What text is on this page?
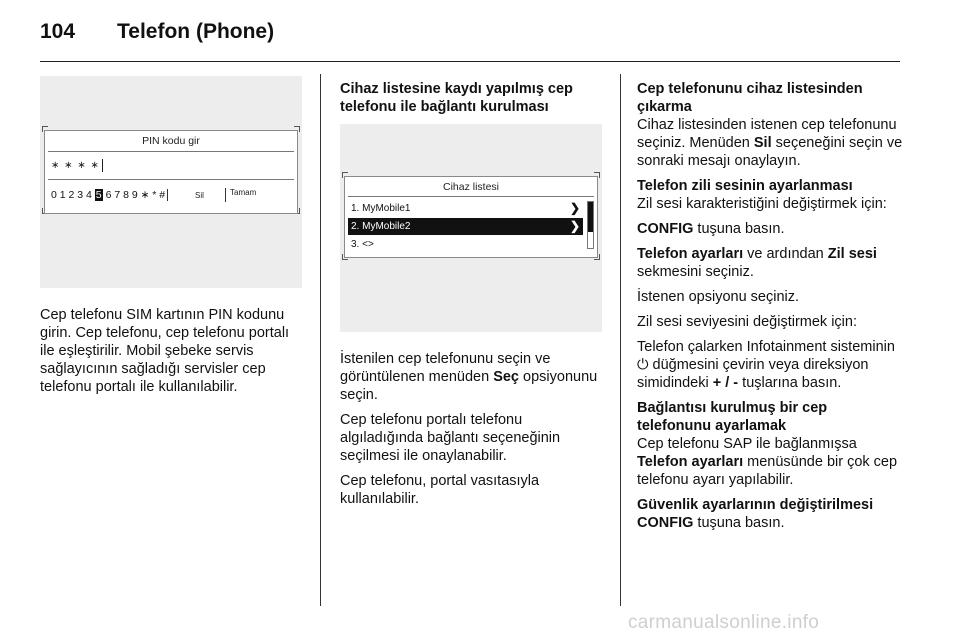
104 Telefon (Phone)
PIN kodu gir
∗ ∗ ∗ ∗
0 1 2 3 4 5 6 7 8 9 ∗ * #	Sil	Tamam

Cep telefonu SIM kartının PIN kodunu girin. Cep telefonu, cep telefonu portalı ile eşleştirilir. Mobil şebeke servis sağlayıcının sağladığı servisler cep telefonu portalı ile kullanılabilir.

Cihaz listesine kaydı yapılmış cep telefonu ile bağlantı kurulması

Cihaz listesi
1. MyMobile1	❯
2. MyMobile2	❯
3. <>

İstenilen cep telefonunu seçin ve görüntülenen menüden Seç opsiyonunu seçin.

Cep telefonu portalı telefonu algıladığında bağlantı seçeneğinin seçilmesi ile onaylanabilir.

Cep telefonu, portal vasıtasıyla kullanılabilir.

Cep telefonunu cihaz listesinden çıkarma

Cihaz listesinden istenen cep telefonunu seçiniz. Menüden Sil seçeneğini seçin ve sonraki mesajı onaylayın.

Telefon zili sesinin ayarlanması

Zil sesi karakteristiğini değiştirmek için:

CONFIG tuşuna basın.

Telefon ayarları ve ardından Zil sesi sekmesini seçiniz.

İstenen opsiyonu seçiniz.

Zil sesi seviyesini değiştirmek için:

Telefon çalarken Infotainment sisteminin ⏻ düğmesini çevirin veya direksiyon simidindeki + / - tuşlarına basın.

Bağlantısı kurulmuş bir cep telefonunu ayarlamak
Cep telefonu SAP ile bağlanmışsa

Telefon ayarları menüsünde bir çok cep telefonu ayarı yapılabilir.

Güvenlik ayarlarının değiştirilmesi

CONFIG tuşuna basın.

carmanualsonline.info
